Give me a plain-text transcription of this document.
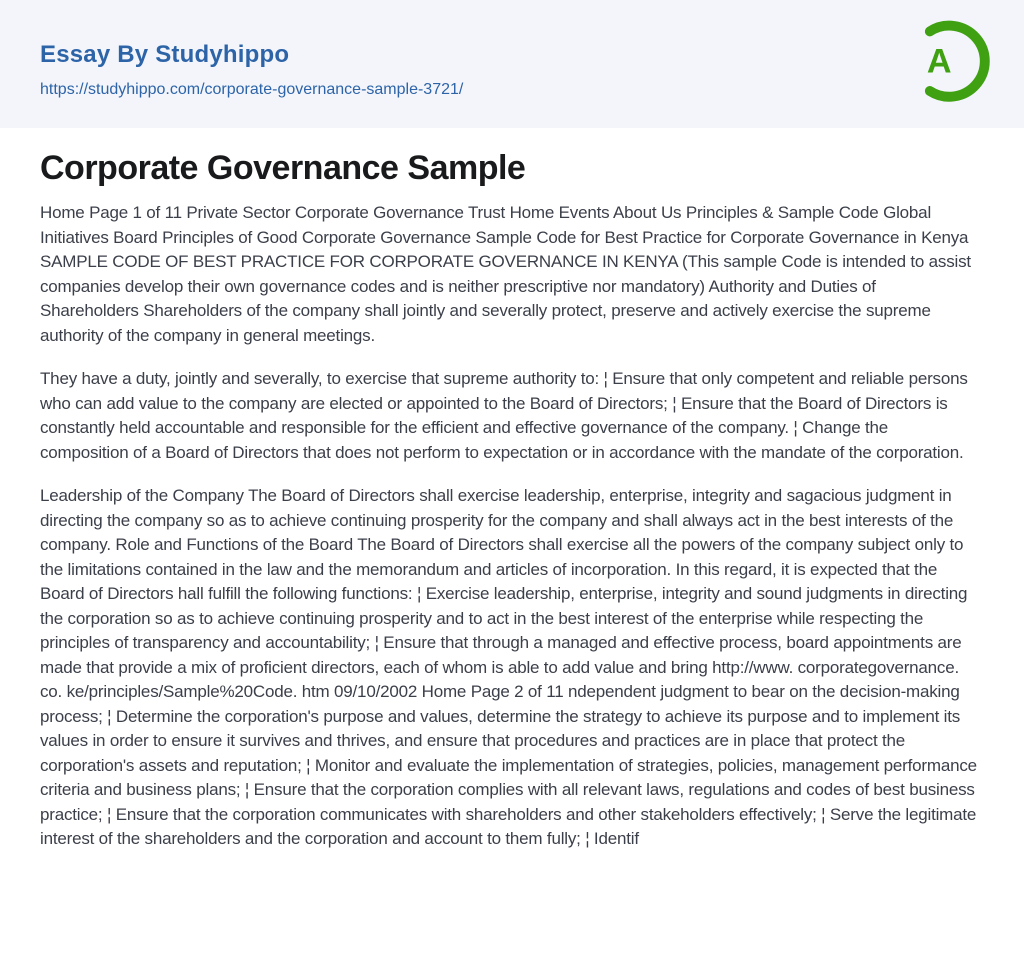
Essay By Studyhippo
https://studyhippo.com/corporate-governance-sample-3721/
A
Corporate Governance Sample

Home Page 1 of 11 Private Sector Corporate Governance Trust Home Events About Us Principles & Sample Code Global Initiatives Board Principles of Good Corporate Governance Sample Code for Best Practice for Corporate Governance in Kenya SAMPLE CODE OF BEST PRACTICE FOR CORPORATE GOVERNANCE IN KENYA (This sample Code is intended to assist companies develop their own governance codes and is neither prescriptive nor mandatory) Authority and Duties of Shareholders Shareholders of the company shall jointly and severally protect, preserve and actively exercise the supreme authority of the company in general meetings.

They have a duty, jointly and severally, to exercise that supreme authority to: ¦ Ensure that only competent and reliable persons who can add value to the company are elected or appointed to the Board of Directors; ¦ Ensure that the Board of Directors is constantly held accountable and responsible for the efficient and effective governance of the company. ¦ Change the composition of a Board of Directors that does not perform to expectation or in accordance with the mandate of the corporation.

Leadership of the Company The Board of Directors shall exercise leadership, enterprise, integrity and sagacious judgment in directing the company so as to achieve continuing prosperity for the company and shall always act in the best interests of the company. Role and Functions of the Board The Board of Directors shall exercise all the powers of the company subject only to the limitations contained in the law and the memorandum and articles of incorporation. In this regard, it is expected that the Board of Directors hall fulfill the following functions: ¦ Exercise leadership, enterprise, integrity and sound judgments in directing the corporation so as to achieve continuing prosperity and to act in the best interest of the enterprise while respecting the principles of transparency and accountability; ¦ Ensure that through a managed and effective process, board appointments are made that provide a mix of proficient directors, each of whom is able to add value and bring http://www. corporategovernance. co. ke/principles/Sample%20Code. htm 09/10/2002 Home Page 2 of 11 ndependent judgment to bear on the decision-making process; ¦ Determine the corporation's purpose and values, determine the strategy to achieve its purpose and to implement its values in order to ensure it survives and thrives, and ensure that procedures and practices are in place that protect the corporation's assets and reputation; ¦ Monitor and evaluate the implementation of strategies, policies, management performance criteria and business plans; ¦ Ensure that the corporation complies with all relevant laws, regulations and codes of best business practice; ¦ Ensure that the corporation communicates with shareholders and other stakeholders effectively; ¦ Serve the legitimate interest of the shareholders and the corporation and account to them fully; ¦ Identif
